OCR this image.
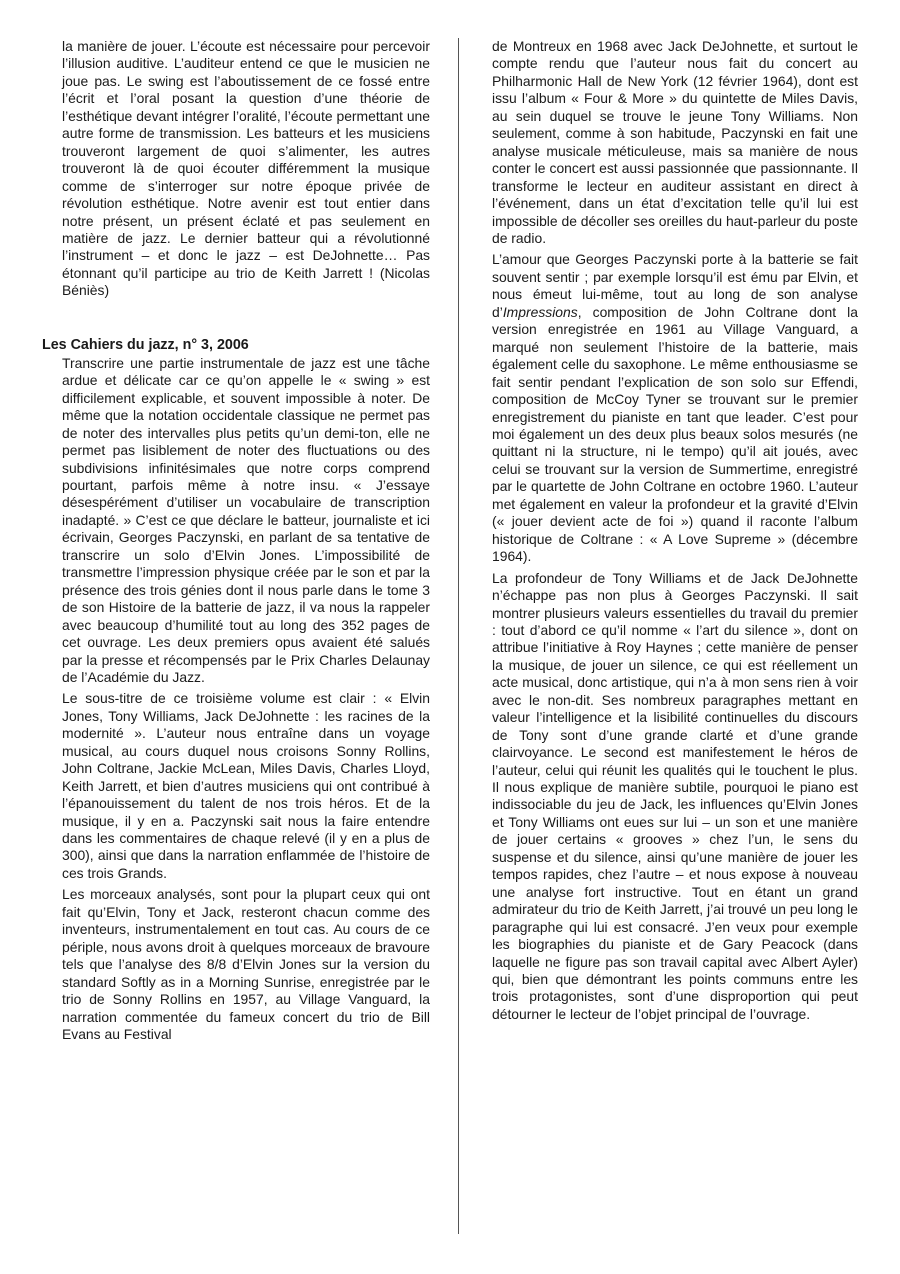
la manière de jouer. L’écoute est nécessaire pour percevoir l’illusion auditive. L’auditeur entend ce que le musicien ne joue pas. Le swing est l’aboutissement de ce fossé entre l’écrit et l’oral posant la question d’une théorie de l’esthétique devant intégrer l’oralité, l’écoute permettant une autre forme de transmission. Les batteurs et les musiciens trouveront largement de quoi s’alimenter, les autres trouveront là de quoi écouter différemment la musique comme de s’interroger sur notre époque privée de révolution esthétique. Notre avenir est tout entier dans notre présent, un présent éclaté et pas seulement en matière de jazz. Le dernier batteur qui a révolutionné l’instrument – et donc le jazz – est DeJohnette… Pas étonnant qu’il participe au trio de Keith Jarrett ! (Nicolas Béniès)

Les Cahiers du jazz, n° 3, 2006

Transcrire une partie instrumentale de jazz est une tâche ardue et délicate car ce qu’on appelle le « swing » est difficilement explicable, et souvent impossible à noter. De même que la notation occidentale classique ne permet pas de noter des intervalles plus petits qu’un demi-ton, elle ne permet pas lisiblement de noter des fluctuations ou des subdivisions infinitésimales que notre corps comprend pourtant, parfois même à notre insu. « J’essaye désespérément d’utiliser un vocabulaire de transcription inadapté. » C’est ce que déclare le batteur, journaliste et ici écrivain, Georges Paczynski, en parlant de sa tentative de transcrire un solo d’Elvin Jones. L’impossibilité de transmettre l’impression physique créée par le son et par la présence des trois génies dont il nous parle dans le tome 3 de son Histoire de la batterie de jazz, il va nous la rappeler avec beaucoup d’humilité tout au long des 352 pages de cet ouvrage. Les deux premiers opus avaient été salués par la presse et récompensés par le Prix Charles Delaunay de l’Académie du Jazz.

Le sous-titre de ce troisième volume est clair : « Elvin Jones, Tony Williams, Jack DeJohnette : les racines de la modernité ». L’auteur nous entraîne dans un voyage musical, au cours duquel nous croisons Sonny Rollins, John Coltrane, Jackie McLean, Miles Davis, Charles Lloyd, Keith Jarrett, et bien d’autres musiciens qui ont contribué à l’épanouissement du talent de nos trois héros. Et de la musique, il y en a. Paczynski sait nous la faire entendre dans les commentaires de chaque relevé (il y en a plus de 300), ainsi que dans la narration enflammée de l’histoire de ces trois Grands.

Les morceaux analysés, sont pour la plupart ceux qui ont fait qu’Elvin, Tony et Jack, resteront chacun comme des inventeurs, instrumentalement en tout cas. Au cours de ce périple, nous avons droit à quelques morceaux de bravoure tels que l’analyse des 8/8 d’Elvin Jones sur la version du standard Softly as in a Morning Sunrise, enregistrée par le trio de Sonny Rollins en 1957, au Village Vanguard, la narration commentée du fameux concert du trio de Bill Evans au Festival

de Montreux en 1968 avec Jack DeJohnette, et surtout le compte rendu que l’auteur nous fait du concert au Philharmonic Hall de New York (12 février 1964), dont est issu l’album « Four & More » du quintette de Miles Davis, au sein duquel se trouve le jeune Tony Williams. Non seulement, comme à son habitude, Paczynski en fait une analyse musicale méticuleuse, mais sa manière de nous conter le concert est aussi passionnée que passionnante. Il transforme le lecteur en auditeur assistant en direct à l’événement, dans un état d’excitation telle qu’il lui est impossible de décoller ses oreilles du haut-parleur du poste de radio.

L’amour que Georges Paczynski porte à la batterie se fait souvent sentir ; par exemple lorsqu’il est ému par Elvin, et nous émeut lui-même, tout au long de son analyse d’Impressions, composition de John Coltrane dont la version enregistrée en 1961 au Village Vanguard, a marqué non seulement l’histoire de la batterie, mais également celle du saxophone. Le même enthousiasme se fait sentir pendant l’explication de son solo sur Effendi, composition de McCoy Tyner se trouvant sur le premier enregistrement du pianiste en tant que leader. C’est pour moi également un des deux plus beaux solos mesurés (ne quittant ni la structure, ni le tempo) qu’il ait joués, avec celui se trouvant sur la version de Summertime, enregistré par le quartette de John Coltrane en octobre 1960. L’auteur met également en valeur la profondeur et la gravité d’Elvin (« jouer devient acte de foi ») quand il raconte l’album historique de Coltrane : « A Love Supreme » (décembre 1964).

La profondeur de Tony Williams et de Jack DeJohnette n’échappe pas non plus à Georges Paczynski. Il sait montrer plusieurs valeurs essentielles du travail du premier : tout d’abord ce qu’il nomme « l’art du silence », dont on attribue l’initiative à Roy Haynes ; cette manière de penser la musique, de jouer un silence, ce qui est réellement un acte musical, donc artistique, qui n’a à mon sens rien à voir avec le non-dit. Ses nombreux paragraphes mettant en valeur l’intelligence et la lisibilité continuelles du discours de Tony sont d’une grande clarté et d’une grande clairvoyance. Le second est manifestement le héros de l’auteur, celui qui réunit les qualités qui le touchent le plus. Il nous explique de manière subtile, pourquoi le piano est indissociable du jeu de Jack, les influences qu’Elvin Jones et Tony Williams ont eues sur lui – un son et une manière de jouer certains « grooves » chez l’un, le sens du suspense et du silence, ainsi qu’une manière de jouer les tempos rapides, chez l’autre – et nous expose à nouveau une analyse fort instructive. Tout en étant un grand admirateur du trio de Keith Jarrett, j’ai trouvé un peu long le paragraphe qui lui est consacré. J’en veux pour exemple les biographies du pianiste et de Gary Peacock (dans laquelle ne figure pas son travail capital avec Albert Ayler) qui, bien que démontrant les points communs entre les trois protagonistes, sont d’une disproportion qui peut détourner le lecteur de l’objet principal de l’ouvrage.
